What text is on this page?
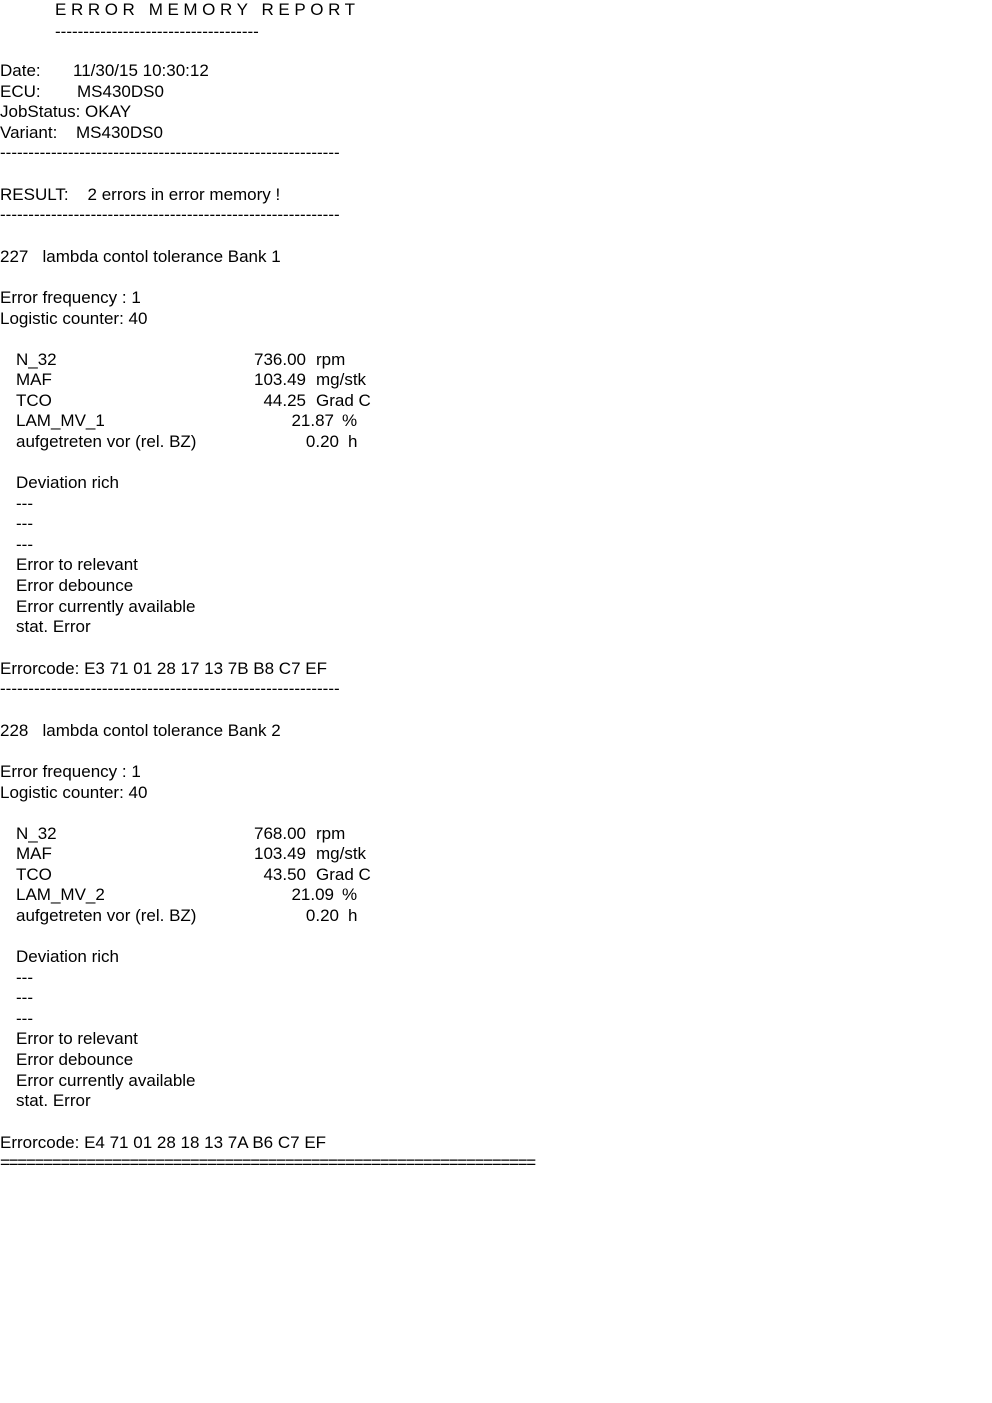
ERROR MEMORY REPORT
------------------------------------
Date: 11/30/15 10:30:12
ECU: MS430DS0
JobStatus: OKAY
Variant: MS430DS0
------------------------------------------------------------
RESULT:    2 errors in error memory !
------------------------------------------------------------
227   lambda contol tolerance Bank 1
Error frequency : 1
Logistic counter: 40
N_32	736.00 rpm
MAF	103.49 mg/stk
TCO	44.25 Grad C
LAM_MV_1	21.87 %
aufgetreten vor (rel. BZ)	0.20 h
Deviation rich
---
---
---
Error to relevant
Error debounce
Error currently available
stat. Error
Errorcode: E3 71 01 28 17 13 7B B8 C7 EF
------------------------------------------------------------
228   lambda contol tolerance Bank 2
Error frequency : 1
Logistic counter: 40
N_32	768.00 rpm
MAF	103.49 mg/stk
TCO	43.50 Grad C
LAM_MV_2	21.09 %
aufgetreten vor (rel. BZ)	0.20 h
Deviation rich
---
---
---
Error to relevant
Error debounce
Error currently available
stat. Error
Errorcode: E4 71 01 28 18 13 7A B6 C7 EF
==============================================================
